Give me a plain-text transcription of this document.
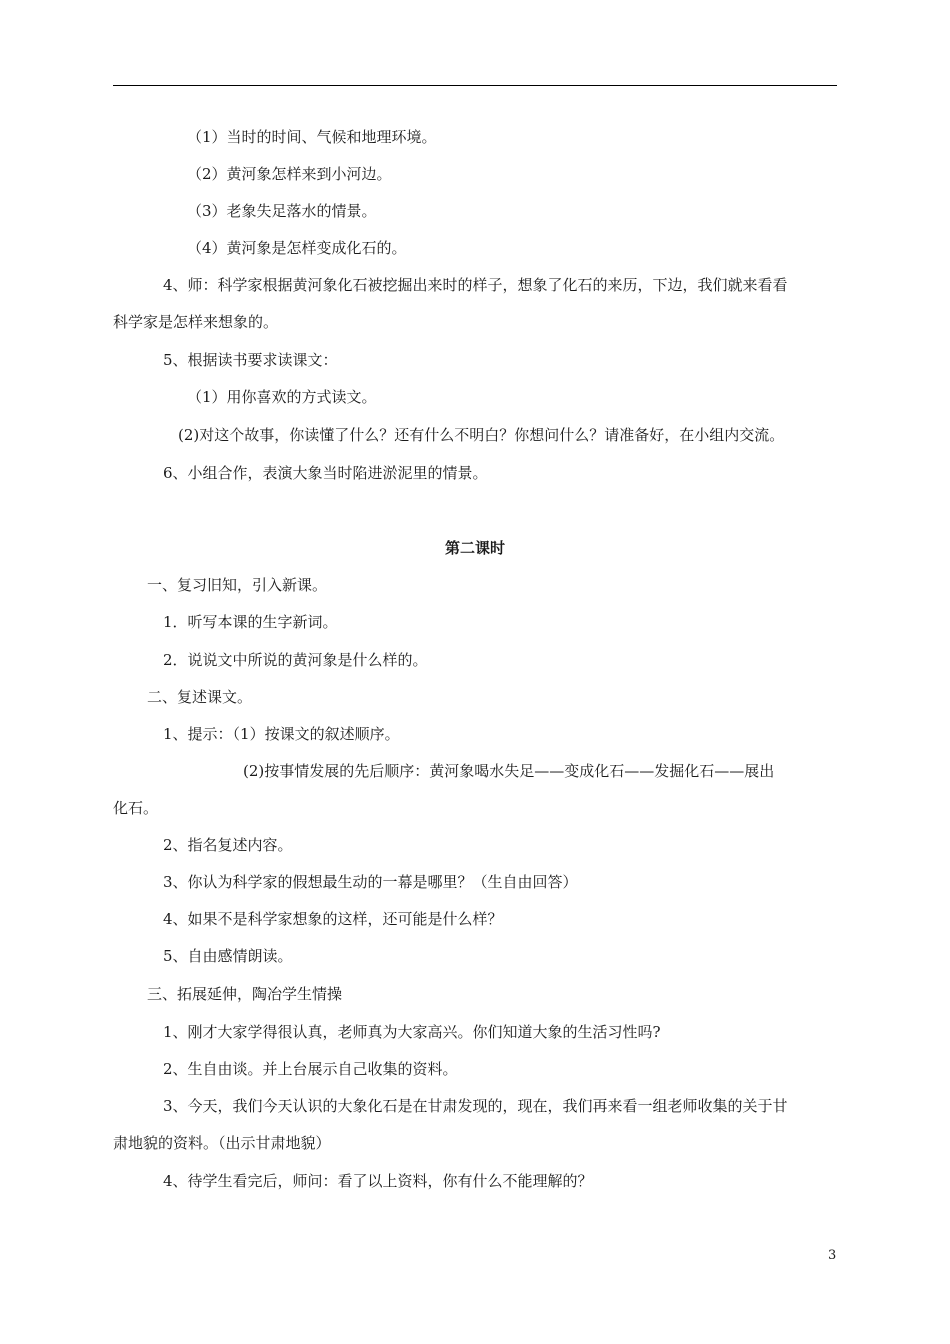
（1）当时的时间、气候和地理环境。
（2）黄河象怎样来到小河边。
（3）老象失足落水的情景。
（4）黄河象是怎样变成化石的。
4、师：科学家根据黄河象化石被挖掘出来时的样子，想象了化石的来历，下边，我们就来看看
科学家是怎样来想象的。
5、根据读书要求读课文：
（1）用你喜欢的方式读文。
(2)对这个故事，你读懂了什么？还有什么不明白？你想问什么？请准备好，在小组内交流。
6、小组合作，表演大象当时陷进淤泥里的情景。
第二课时
一、复习旧知，引入新课。
1．听写本课的生字新词。
2．说说文中所说的黄河象是什么样的。
二、复述课文。
1、提示：（1）按课文的叙述顺序。
(2)按事情发展的先后顺序：黄河象喝水失足——变成化石——发掘化石——展出
化石。
2、指名复述内容。
3、你认为科学家的假想最生动的一幕是哪里？（生自由回答）
4、如果不是科学家想象的这样，还可能是什么样？
5、自由感情朗读。
三、拓展延伸，陶冶学生情操
1、刚才大家学得很认真，老师真为大家高兴。你们知道大象的生活习性吗?
2、生自由谈。并上台展示自己收集的资料。
3、今天，我们今天认识的大象化石是在甘肃发现的，现在，我们再来看一组老师收集的关于甘
肃地貌的资料。（出示甘肃地貌）
4、待学生看完后，师问：看了以上资料，你有什么不能理解的？
3
